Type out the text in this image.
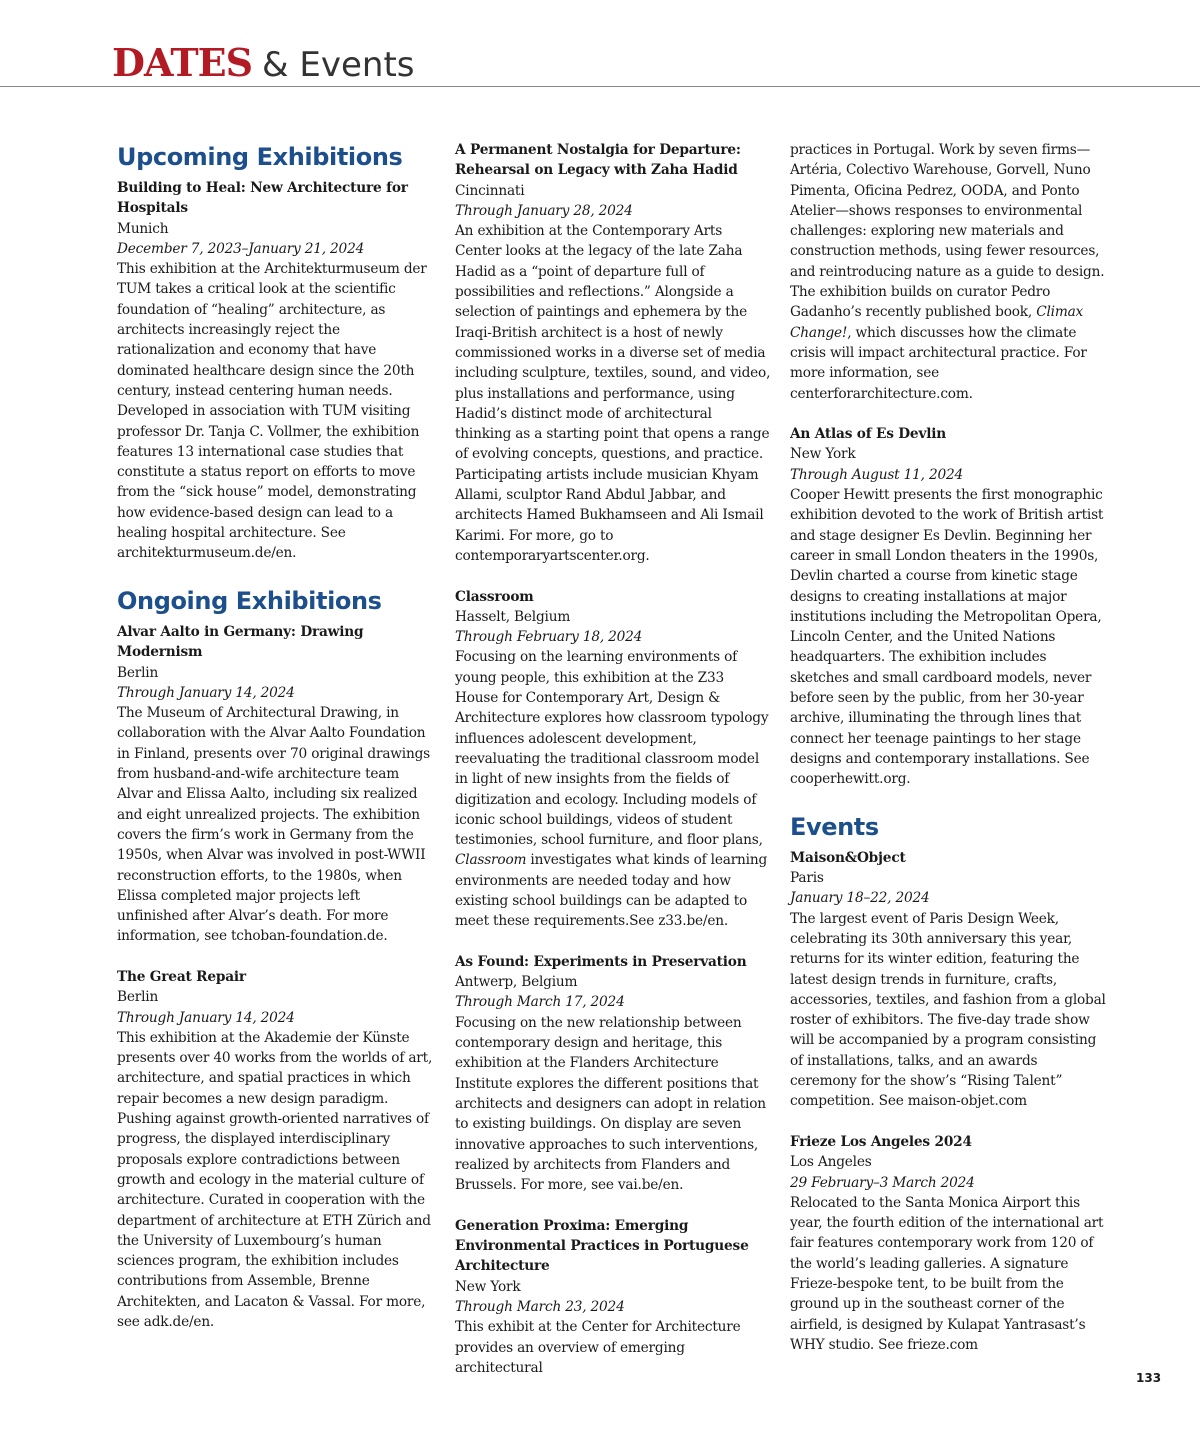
DATES & Events
Upcoming Exhibitions

Building to Heal: New Architecture for Hospitals

Munich

December 7, 2023–January 21, 2024

This exhibition at the Architekturmuseum der TUM takes a critical look at the scientific foundation of “healing” architecture, as architects increasingly reject the rationalization and economy that have dominated healthcare design since the 20th century, instead centering human needs. Developed in association with TUM visiting professor Dr. Tanja C. Vollmer, the exhibition features 13 international case studies that constitute a status report on efforts to move from the “sick house” model, demonstrating how evidence-based design can lead to a healing hospital architecture. See architekturmuseum.de/en.

Ongoing Exhibitions

Alvar Aalto in Germany: Drawing Modernism

Berlin

Through January 14, 2024

The Museum of Architectural Drawing, in collaboration with the Alvar Aalto Foundation in Finland, presents over 70 original drawings from husband-and-wife architecture team Alvar and Elissa Aalto, including six realized and eight unrealized projects. The exhibition covers the firm’s work in Germany from the 1950s, when Alvar was involved in post-WWII reconstruction efforts, to the 1980s, when Elissa completed major projects left unfinished after Alvar’s death. For more information, see tchoban-foundation.de.

The Great Repair

Berlin

Through January 14, 2024

This exhibition at the Akademie der Künste presents over 40 works from the worlds of art, architecture, and spatial practices in which repair becomes a new design paradigm. Pushing against growth-oriented narratives of progress, the displayed interdisciplinary proposals explore contradictions between growth and ecology in the material culture of architecture. Curated in cooperation with the department of architecture at ETH Zürich and the University of Luxembourg’s human sciences program, the exhibition includes contributions from Assemble, Brenne Architekten, and Lacaton & Vassal. For more, see adk.de/en.

A Permanent Nostalgia for Departure: Rehearsal on Legacy with Zaha Hadid

Cincinnati

Through January 28, 2024

An exhibition at the Contemporary Arts Center looks at the legacy of the late Zaha Hadid as a “point of departure full of possibilities and reflections.” Alongside a selection of paintings and ephemera by the Iraqi-British architect is a host of newly commissioned works in a diverse set of media including sculpture, textiles, sound, and video, plus installations and performance, using Hadid’s distinct mode of architectural thinking as a starting point that opens a range of evolving concepts, questions, and practice. Participating artists include musician Khyam Allami, sculptor Rand Abdul Jabbar, and architects Hamed Bukhamseen and Ali Ismail Karimi. For more, go to contemporaryartscenter.org.

Classroom

Hasselt, Belgium

Through February 18, 2024

Focusing on the learning environments of young people, this exhibition at the Z33 House for Contemporary Art, Design & Architecture explores how classroom typology influences adolescent development, reevaluating the traditional classroom model in light of new insights from the fields of digitization and ecology. Including models of iconic school buildings, videos of student testimonies, school furniture, and floor plans, Classroom investigates what kinds of learning environments are needed today and how existing school buildings can be adapted to meet these requirements.See z33.be/en.

As Found: Experiments in Preservation

Antwerp, Belgium

Through March 17, 2024

Focusing on the new relationship between contemporary design and heritage, this exhibition at the Flanders Architecture Institute explores the different positions that architects and designers can adopt in relation to existing buildings. On display are seven innovative approaches to such interventions, realized by architects from Flanders and Brussels. For more, see vai.be/en.

Generation Proxima: Emerging Environmental Practices in Portuguese Architecture

New York

Through March 23, 2024

This exhibit at the Center for Architecture provides an overview of emerging architectural

practices in Portugal. Work by seven firms—Artéria, Colectivo Warehouse, Gorvell, Nuno Pimenta, Oficina Pedrez, OODA, and Ponto Atelier—shows responses to environmental challenges: exploring new materials and construction methods, using fewer resources, and reintroducing nature as a guide to design. The exhibition builds on curator Pedro Gadanho’s recently published book, Climax Change!, which discusses how the climate crisis will impact architectural practice. For more information, see centerforarchitecture.com.

An Atlas of Es Devlin

New York

Through August 11, 2024

Cooper Hewitt presents the first monographic exhibition devoted to the work of British artist and stage designer Es Devlin. Beginning her career in small London theaters in the 1990s, Devlin charted a course from kinetic stage designs to creating installations at major institutions including the Metropolitan Opera, Lincoln Center, and the United Nations headquarters. The exhibition includes sketches and small cardboard models, never before seen by the public, from her 30-year archive, illuminating the through lines that connect her teenage paintings to her stage designs and contemporary installations. See cooperhewitt.org.

Events

Maison&Object

Paris

January 18–22, 2024

The largest event of Paris Design Week, celebrating its 30th anniversary this year, returns for its winter edition, featuring the latest design trends in furniture, crafts, accessories, textiles, and fashion from a global roster of exhibitors. The five-day trade show will be accompanied by a program consisting of installations, talks, and an awards ceremony for the show’s “Rising Talent” competition. See maison-objet.com

Frieze Los Angeles 2024

Los Angeles

29 February–3 March 2024

Relocated to the Santa Monica Airport this year, the fourth edition of the international art fair features contemporary work from 120 of the world’s leading galleries. A signature Frieze-bespoke tent, to be built from the ground up in the southeast corner of the airfield, is designed by Kulapat Yantrasast’s WHY studio. See frieze.com

133
